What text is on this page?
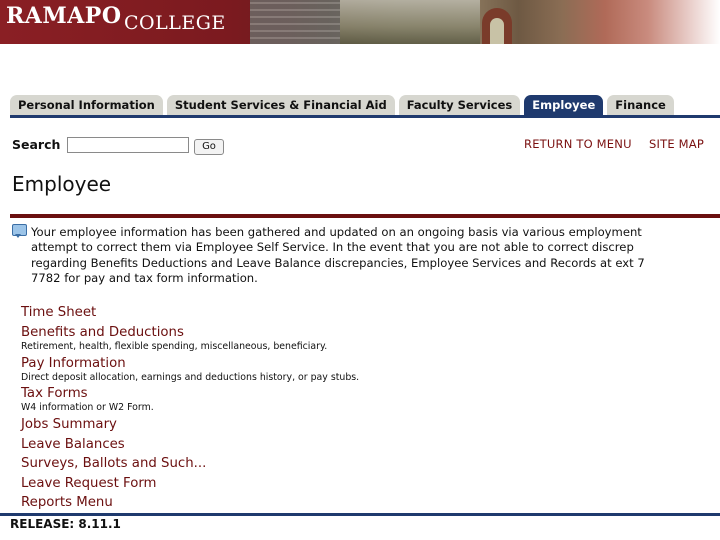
RAMAPO COLLEGE
Personal Information	Student Services & Financial Aid	Faculty Services	Employee	Finance
Search	Go	RETURN TO MENU SITE MAP
Employee
Your employee information has been gathered and updated on an ongoing basis via various employment
attempt to correct them via Employee Self Service. In the event that you are not able to correct discrep
regarding Benefits Deductions and Leave Balance discrepancies, Employee Services and Records at ext 7
7782 for pay and tax form information.
Time Sheet
Benefits and Deductions
Retirement, health, flexible spending, miscellaneous, beneficiary.
Pay Information
Direct deposit allocation, earnings and deductions history, or pay stubs.
Tax Forms
W4 information or W2 Form.
Jobs Summary
Leave Balances
Surveys, Ballots and Such...
Leave Request Form
Reports Menu
RELEASE: 8.11.1
